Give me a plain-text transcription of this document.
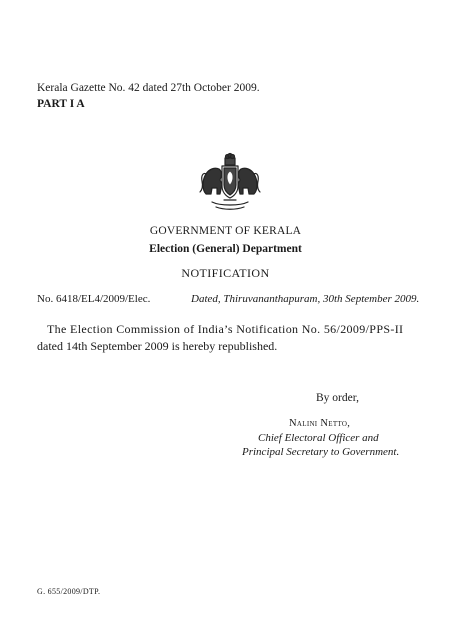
Kerala Gazette No. 42 dated 27th October 2009.
PART I A
GOVERNMENT OF KERALA
Election (General) Department
NOTIFICATION
No. 6418/EL4/2009/Elec.	Dated, Thiruvananthapuram, 30th September 2009.
The Election Commission of India’s Notification No. 56/2009/PPS-II
dated 14th September 2009 is hereby republished.
By order,
Nalini Netto,
Chief Electoral Officer and
Principal Secretary to Government.
G. 655/2009/DTP.
